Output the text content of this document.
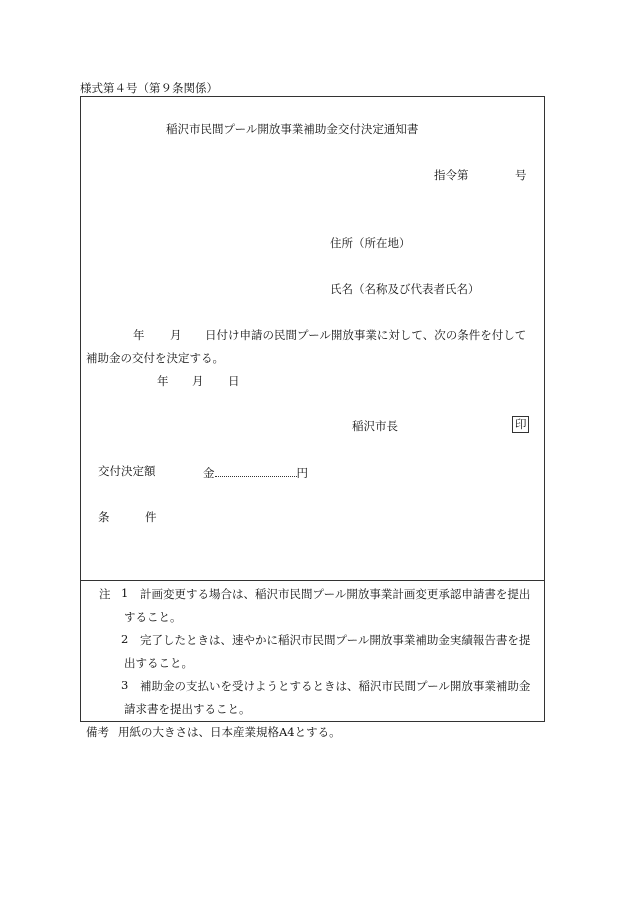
様式第４号（第９条関係）
稲沢市民間プール開放事業補助金交付決定通知書
指令第	号
住所（所在地）
氏名（名称及び代表者氏名）
年 月 日付け申請の民間プール開放事業に対して、次の条件を付して
補助金の交付を決定する。
年 月 日
稲沢市長	印
交付決定額	金	円
条	件
注 1 計画変更する場合は、稲沢市民間プール開放事業計画変更承認申請書を提出
すること。
2 完了したときは、速やかに稲沢市民間プール開放事業補助金実績報告書を提
出すること。
3 補助金の支払いを受けようとするときは、稲沢市民間プール開放事業補助金
請求書を提出すること。
備考 用紙の大きさは、日本産業規格A4とする。
